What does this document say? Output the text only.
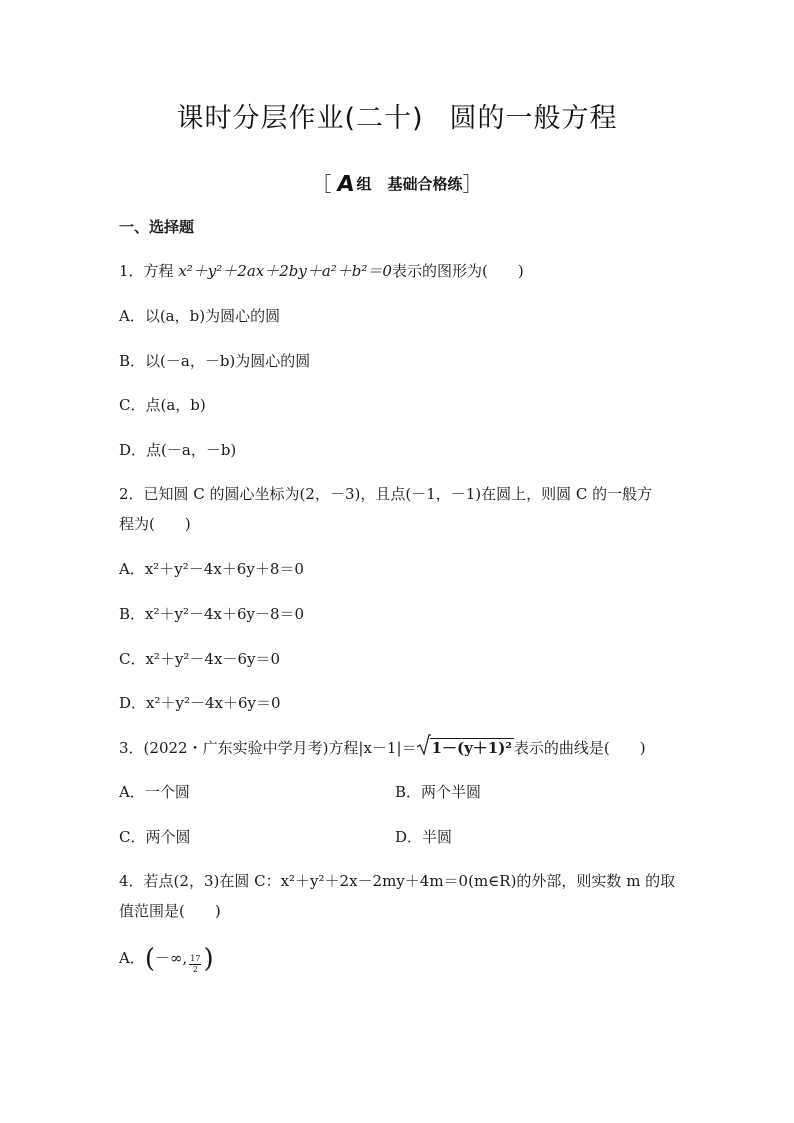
课时分层作业(二十) 圆的一般方程
［ A组 基础合格练］
一、选择题
1．方程 x²＋y²＋2ax＋2by＋a²＋b²＝0表示的图形为(　　)
A．以(a，b)为圆心的圆
B．以(－a，－b)为圆心的圆
C．点(a，b)
D．点(－a，－b)
2．已知圆 C 的圆心坐标为(2，－3)，且点(－1，－1)在圆上，则圆 C 的一般方
程为(　　)
A．x²＋y²－4x＋6y＋8＝0
B．x²＋y²－4x＋6y－8＝0
C．x²＋y²－4x－6y＝0
D．x²＋y²－4x＋6y＝0
3．(2022・广东实验中学月考)方程|x－1|＝ 1－(y＋1)² 表示的曲线是(　　)
A．一个圆	B．两个半圆
C．两个圆	D．半圆
4．若点(2，3)在圆 C：x²＋y²＋2x－2my＋4m＝0(m∈R)的外部，则实数 m 的取
值范围是(　　)
A．(－∞, $\frac{17}{2}$ )
